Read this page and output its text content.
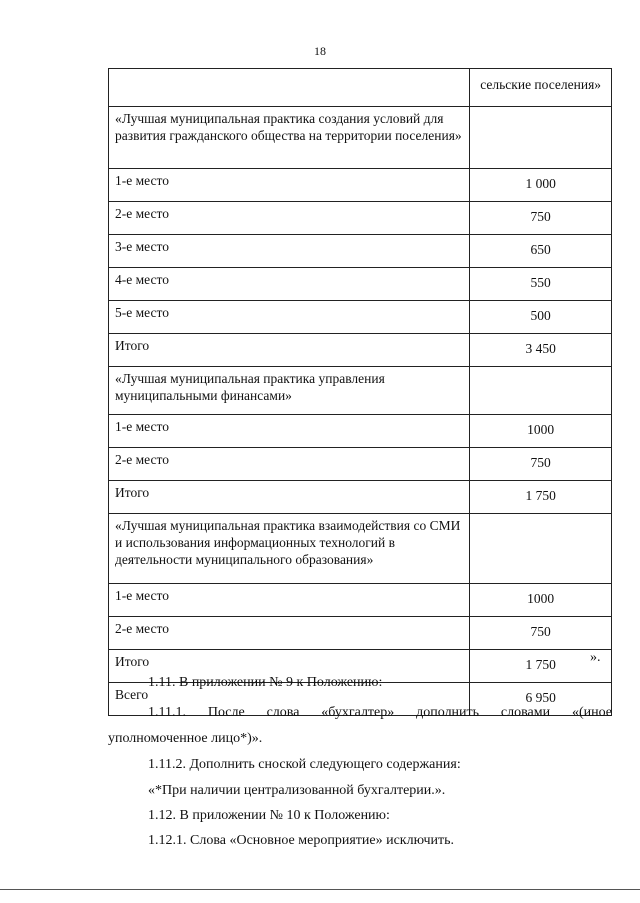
18
	сельские поселения»
«Лучшая муниципальная практика создания условий для развития гражданского общества на территории поселения»	
1-е место	1 000
2-е место	750
3-е место	650
4-е место	550
5-е место	500
Итого	3 450
«Лучшая муниципальная практика управления муниципальными финансами»	
1-е место	1000
2-е место	750
Итого	1 750
«Лучшая муниципальная практика взаимодействия со СМИ и использования информационных технологий в деятельности муниципального образования»	
1-е место	1000
2-е место	750
Итого	1 750
Всего	6 950
».
1.11. В приложении № 9 к Положению:
1.11.1. После слова «бухгалтер» дополнить словами «(иное
уполномоченное лицо*)».
1.11.2. Дополнить сноской следующего содержания:
«*При наличии централизованной бухгалтерии.».
1.12. В приложении № 10 к Положению:
1.12.1. Слова «Основное мероприятие» исключить.
